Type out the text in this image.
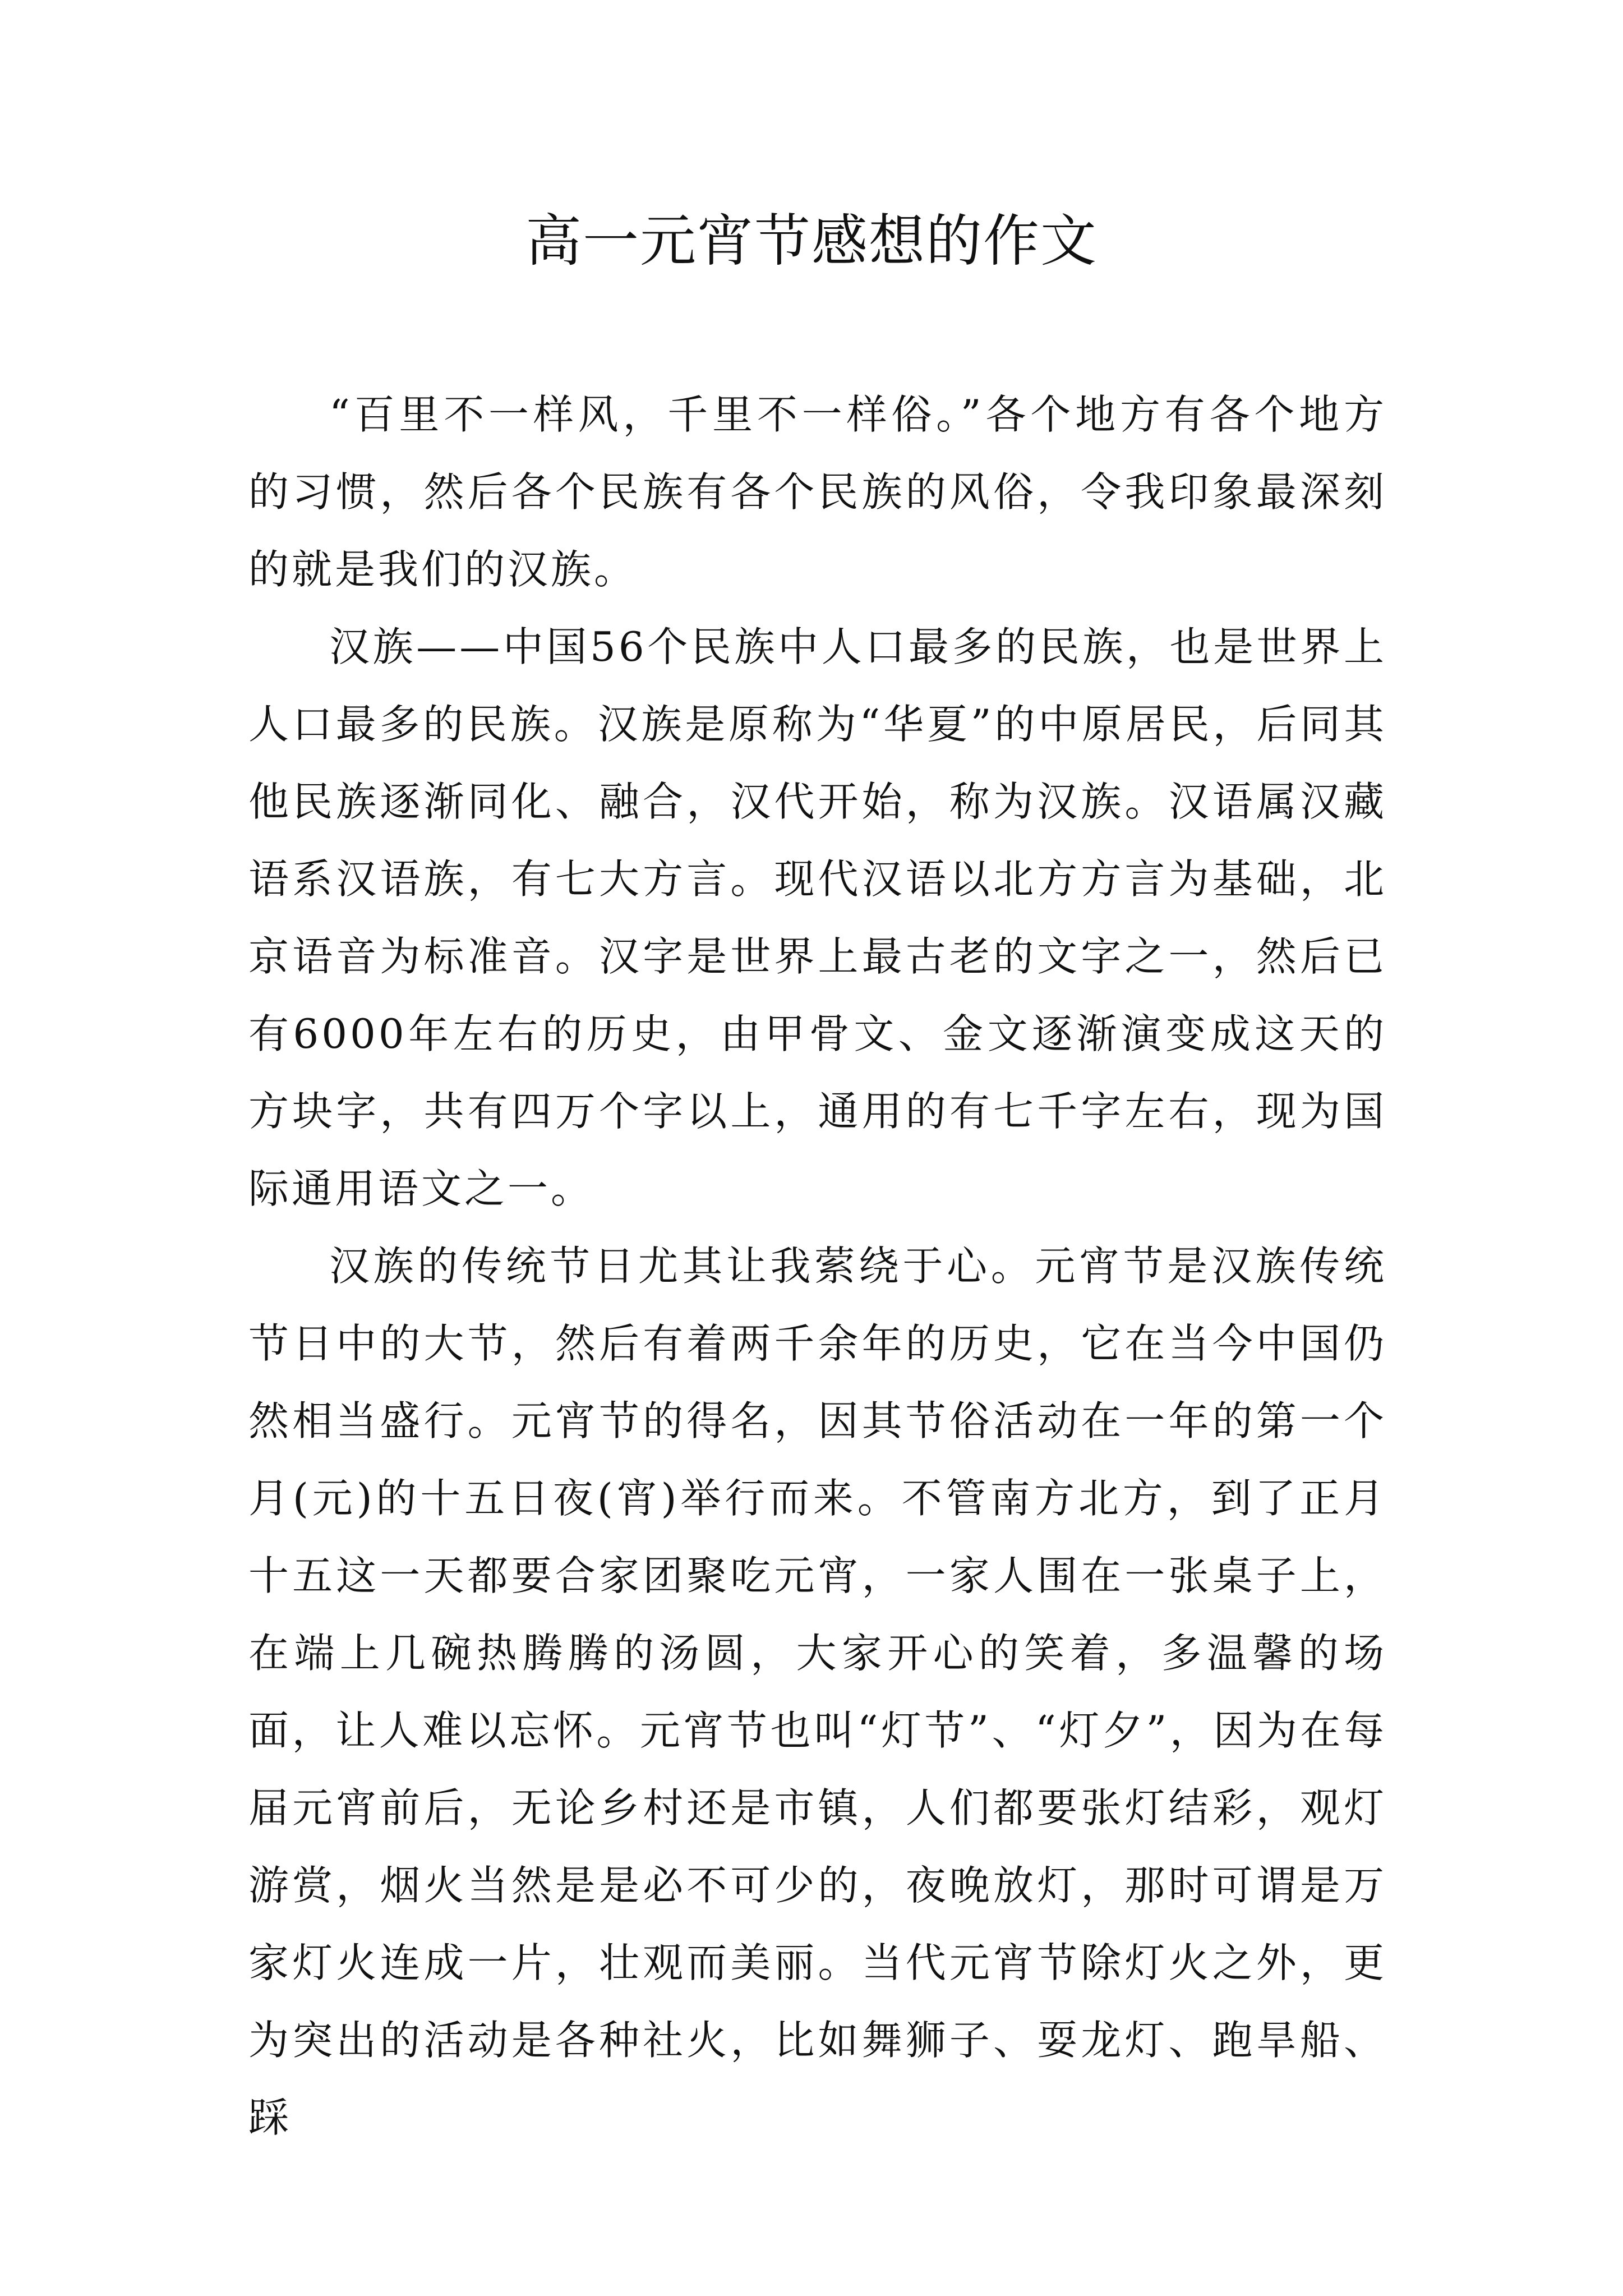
高一元宵节感想的作文

“百里不一样风，千里不一样俗。”各个地方有各个地方的习惯，然后各个民族有各个民族的风俗，令我印象最深刻的就是我们的汉族。

汉族——中国56个民族中人口最多的民族，也是世界上人口最多的民族。汉族是原称为“华夏”的中原居民，后同其他民族逐渐同化、融合，汉代开始，称为汉族。汉语属汉藏语系汉语族，有七大方言。现代汉语以北方方言为基础，北京语音为标准音。汉字是世界上最古老的文字之一，然后已有6000年左右的历史，由甲骨文、金文逐渐演变成这天的方块字，共有四万个字以上，通用的有七千字左右，现为国际通用语文之一。

汉族的传统节日尤其让我萦绕于心。元宵节是汉族传统节日中的大节，然后有着两千余年的历史，它在当今中国仍然相当盛行。元宵节的得名，因其节俗活动在一年的第一个月(元)的十五日夜(宵)举行而来。不管南方北方，到了正月十五这一天都要合家团聚吃元宵，一家人围在一张桌子上，在端上几碗热腾腾的汤圆，大家开心的笑着，多温馨的场面，让人难以忘怀。元宵节也叫“灯节”、“灯夕”，因为在每届元宵前后，无论乡村还是市镇，人们都要张灯结彩，观灯游赏，烟火当然是是必不可少的，夜晚放灯，那时可谓是万家灯火连成一片，壮观而美丽。当代元宵节除灯火之外，更为突出的活动是各种社火，比如舞狮子、耍龙灯、跑旱船、踩
